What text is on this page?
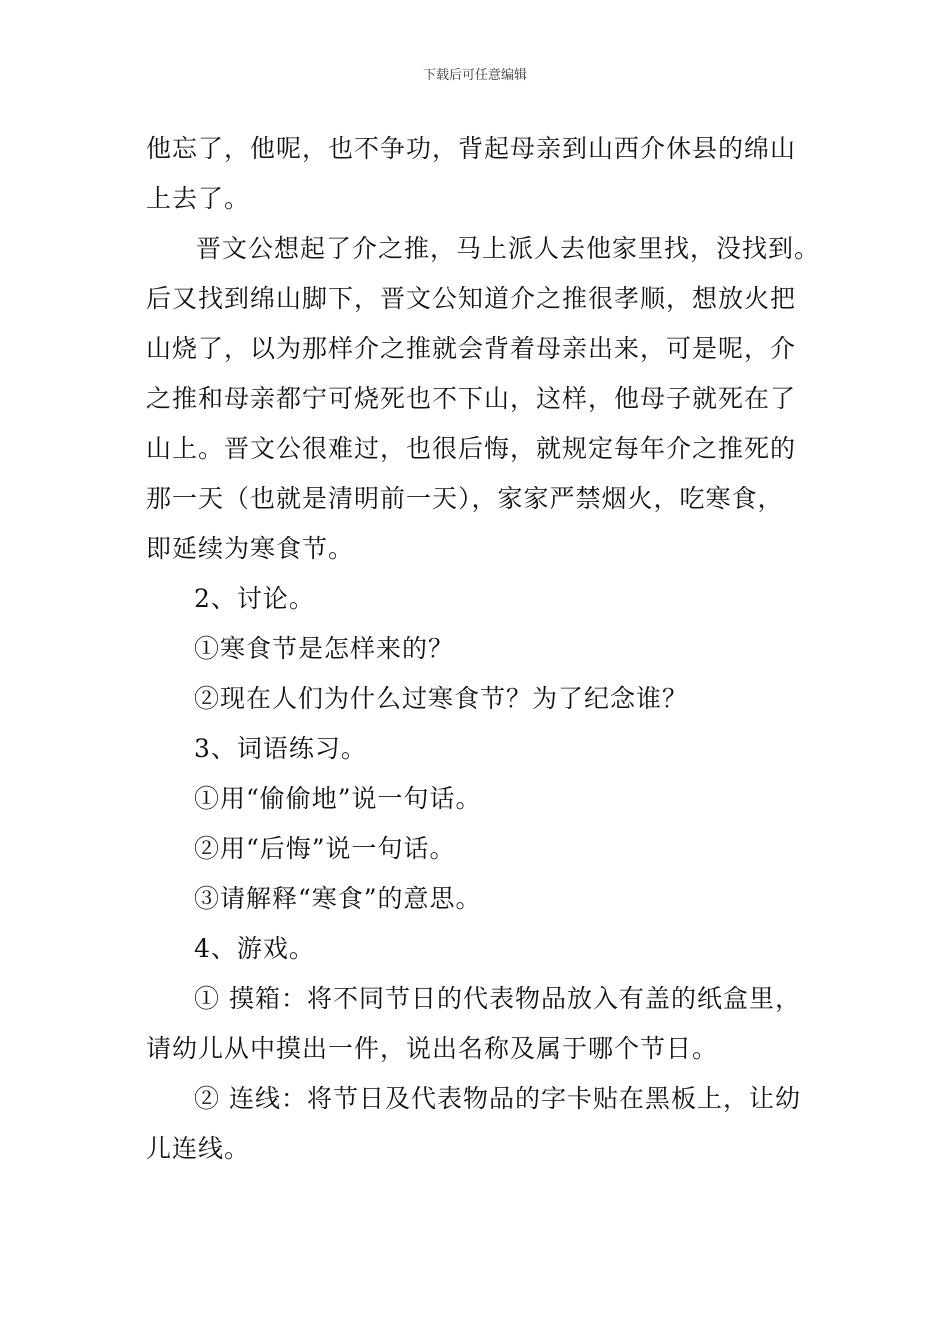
下载后可任意编辑
他忘了，他呢，也不争功，背起母亲到山西介休县的绵山
上去了。
晋文公想起了介之推，马上派人去他家里找，没找到。
后又找到绵山脚下，晋文公知道介之推很孝顺，想放火把
山烧了，以为那样介之推就会背着母亲出来，可是呢，介
之推和母亲都宁可烧死也不下山，这样，他母子就死在了
山上。晋文公很难过，也很后悔，就规定每年介之推死的
那一天（也就是清明前一天），家家严禁烟火，吃寒食，
即延续为寒食节。
2、讨论。
①寒食节是怎样来的？
②现在人们为什么过寒食节？为了纪念谁？
3、词语练习。
①用“偷偷地”说一句话。
②用“后悔”说一句话。
③请解释“寒食”的意思。
4、游戏。
① 摸箱：将不同节日的代表物品放入有盖的纸盒里，
请幼儿从中摸出一件，说出名称及属于哪个节日。
② 连线：将节日及代表物品的字卡贴在黑板上，让幼
儿连线。
